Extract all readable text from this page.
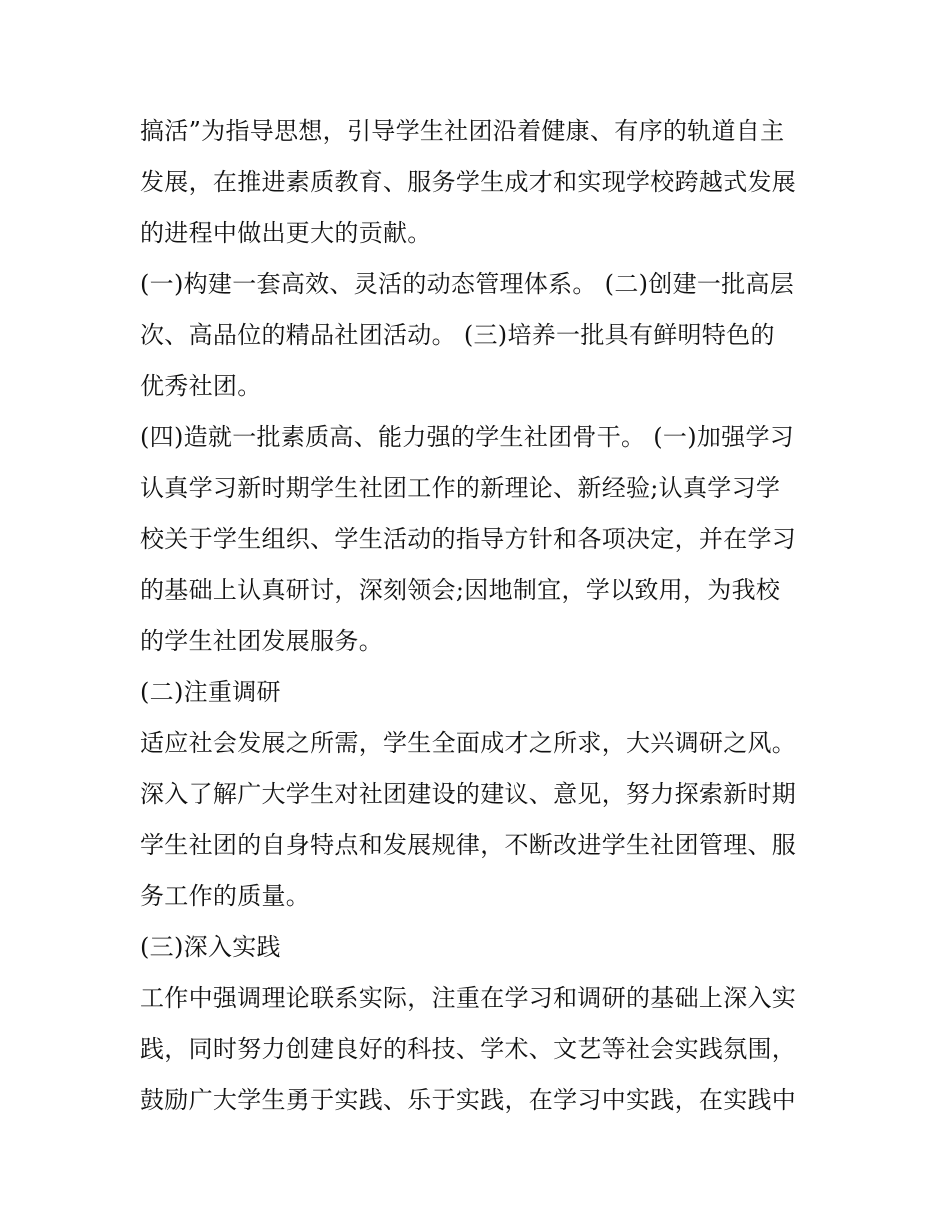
搞活”为指导思想，引导学生社团沿着健康、有序的轨道自主
发展，在推进素质教育、服务学生成才和实现学校跨越式发展
的进程中做出更大的贡献。
(一)构建一套高效、灵活的动态管理体系。 (二)创建一批高层
次、高品位的精品社团活动。 (三)培养一批具有鲜明特色的
优秀社团。
(四)造就一批素质高、能力强的学生社团骨干。 (一)加强学习
认真学习新时期学生社团工作的新理论、新经验;认真学习学
校关于学生组织、学生活动的指导方针和各项决定，并在学习
的基础上认真研讨，深刻领会;因地制宜，学以致用，为我校
的学生社团发展服务。
(二)注重调研
适应社会发展之所需，学生全面成才之所求，大兴调研之风。
深入了解广大学生对社团建设的建议、意见，努力探索新时期
学生社团的自身特点和发展规律，不断改进学生社团管理、服
务工作的质量。
(三)深入实践
工作中强调理论联系实际，注重在学习和调研的基础上深入实
践，同时努力创建良好的科技、学术、文艺等社会实践氛围，
鼓励广大学生勇于实践、乐于实践，在学习中实践，在实践中
